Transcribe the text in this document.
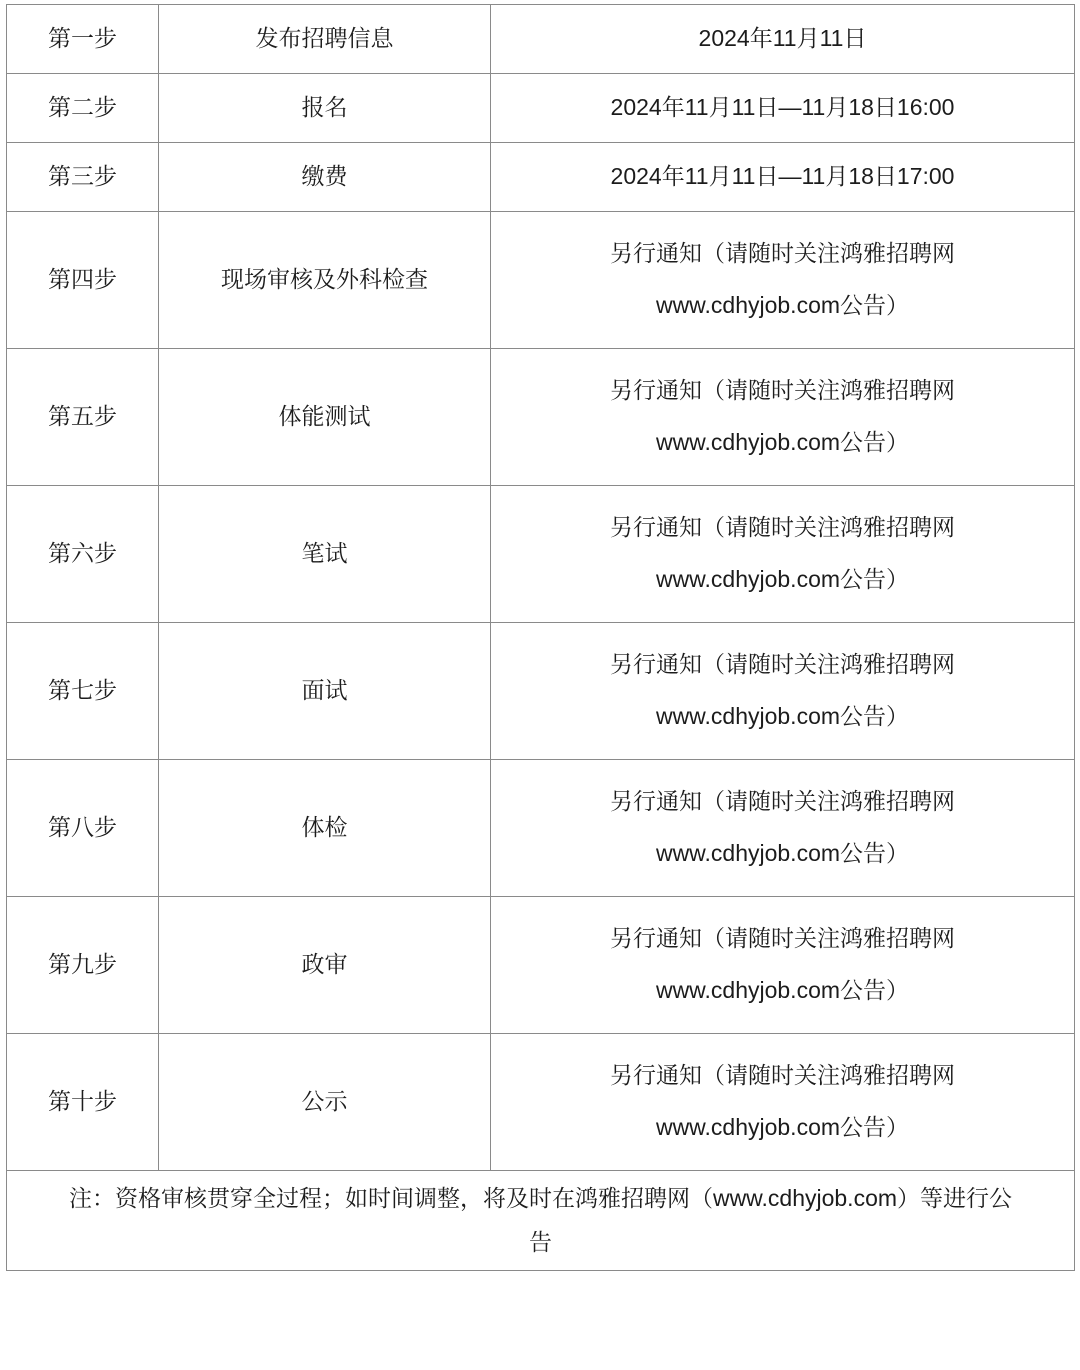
第一步	发布招聘信息	2024年11月11日
第二步	报名	2024年11月11日—11月18日16:00
第三步	缴费	2024年11月11日—11月18日17:00
第四步	现场审核及外科检查	另行通知（请随时关注鸿雅招聘网
www.cdhyjob.com公告）

第五步	体能测试	另行通知（请随时关注鸿雅招聘网
www.cdhyjob.com公告）

第六步	笔试	另行通知（请随时关注鸿雅招聘网
www.cdhyjob.com公告）

第七步	面试	另行通知（请随时关注鸿雅招聘网
www.cdhyjob.com公告）

第八步	体检	另行通知（请随时关注鸿雅招聘网
www.cdhyjob.com公告）

第九步	政审	另行通知（请随时关注鸿雅招聘网
www.cdhyjob.com公告）

第十步	公示	另行通知（请随时关注鸿雅招聘网
www.cdhyjob.com公告）

注：资格审核贯穿全过程；如时间调整，将及时在鸿雅招聘网（www.cdhyjob.com）等进行公
告		
